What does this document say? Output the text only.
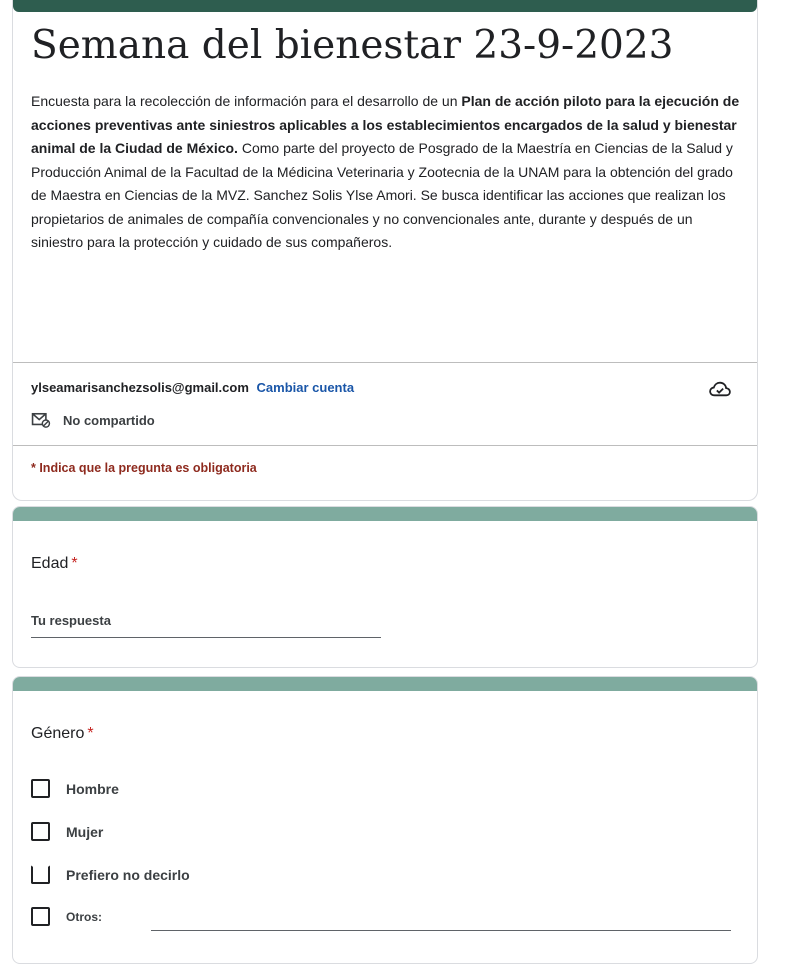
Semana del bienestar 23-9-2023
Encuesta para la recolección de información para el desarrollo de un Plan de acción piloto para la ejecución de acciones preventivas ante siniestros aplicables a los establecimientos encargados de la salud y bienestar animal de la Ciudad de México. Como parte del proyecto de Posgrado de la Maestría en Ciencias de la Salud y Producción Animal de la Facultad de la Médicina Veterinaria y Zootecnia de la UNAM para la obtención del grado de Maestra en Ciencias de la MVZ. Sanchez Solis Ylse Amori. Se busca identificar las acciones que realizan los propietarios de animales de compañía convencionales y no convencionales ante, durante y después de un siniestro para la protección y cuidado de sus compañeros.
ylseamarisanchezsolis@gmail.com Cambiar cuenta
No compartido
* Indica que la pregunta es obligatoria
Edad *
Tu respuesta
Género *
Hombre
Mujer
Prefiero no decirlo
Otros:
